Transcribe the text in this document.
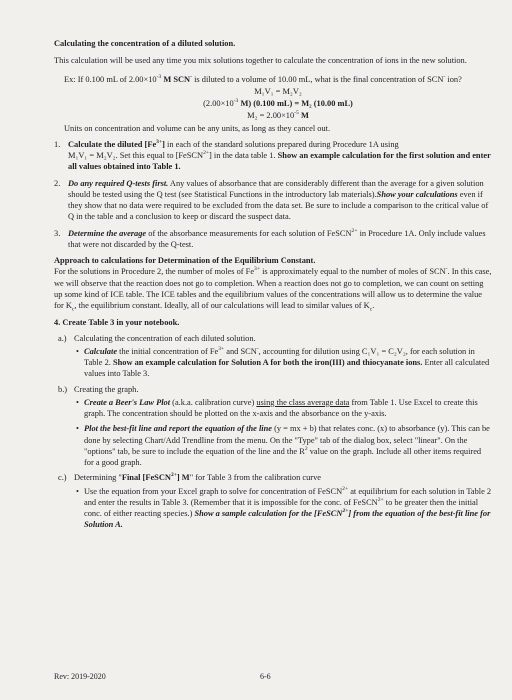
Calculating the concentration of a diluted solution.

This calculation will be used any time you mix solutions together to calculate the concentration of ions in the new solution.

Ex: If 0.100 mL of $2.00\times 10^{-3}$ M SCN- is diluted to a volume of 10.00 mL, what is the final concentration of SCN- ion?

M₁V₁ = M₂V₂

($2.00\times 10^{-3}$ M) (0.100 mL) = M₂ (10.00 mL)

$M_2 = 2.00\times 10^{-5}$ M

Units on concentration and volume can be any units, as long as they cancel out.

1. Calculate the diluted $[Fe^{3+}]$ in each of the standard solutions prepared during Procedure 1A using
M₁V₁ = M₂V₂. Set this equal to [FeSCN$^{2+}$] in the data table 1. Show an example calculation for the first solution and enter all values obtained into Table 1.

2. Do any required Q-tests first. Any values of absorbance that are considerably different than the average for a given solution should be tested using the Q test (see Statistical Functions in the introductory lab materials).Show your calculations even if they show that no data were required to be excluded from the data set. Be sure to include a comparison to the critical value of Q in the table and a conclusion to keep or discard the suspect data.

3. Determine the average of the absorbance measurements for each solution of FeSCN$^{2+}$ in Procedure 1A. Only include values that were not discarded by the Q-test.

Approach to calculations for Determination of the Equilibrium Constant.

For the solutions in Procedure 2, the number of moles of $Fe^{3+}$ is approximately equal to the number of moles of SCN-. In this case, we will observe that the reaction does not go to completion. When a reaction does not go to completion, we can count on setting up some kind of ICE table. The ICE tables and the equilibrium values of the concentrations will allow us to determine the value for $K_c$, the equilibrium constant. Ideally, all of our calculations will lead to similar values of $K_c$.

4. Create Table 3 in your notebook.

a.) Calculating the concentration of each diluted solution.
• Calculate the initial concentration of $Fe^{3+}$ and SCN-, accounting for dilution using C₁V₁ = C₂V₂, for each solution in Table 2. Show an example calculation for Solution A for both the iron(III) and thiocyanate ions. Enter all calculated values into Table 3.
b.) Creating the graph.
• Create a Beer's Law Plot (a.k.a. calibration curve) using the class average data from Table 1. Use Excel to create this graph. The concentration should be plotted on the x-axis and the absorbance on the y-axis.
• Plot the best-fit line and report the equation of the line (y = mx + b) that relates conc. (x) to absorbance (y). This can be done by selecting Chart/Add Trendline from the menu. On the "Type" tab of the dialog box, select "linear". On the "options" tab, be sure to include the equation of the line and the $R^2$ value on the graph. Include all other items required for a good graph.
c.) Determining "Final [FeSCN$^{2+}$] M" for Table 3 from the calibration curve
• Use the equation from your Excel graph to solve for concentration of FeSCN$^{2+}$ at equilibrium for each solution in Table 2 and enter the results in Table 3. (Remember that it is impossible for the conc. of FeSCN$^{2+}$ to be greater then the initial conc. of either reacting species.) Show a sample calculation for the [FeSCN$^{2+}$] from the equation of the best-fit line for Solution A.
Rev: 2019-2020	6-6
